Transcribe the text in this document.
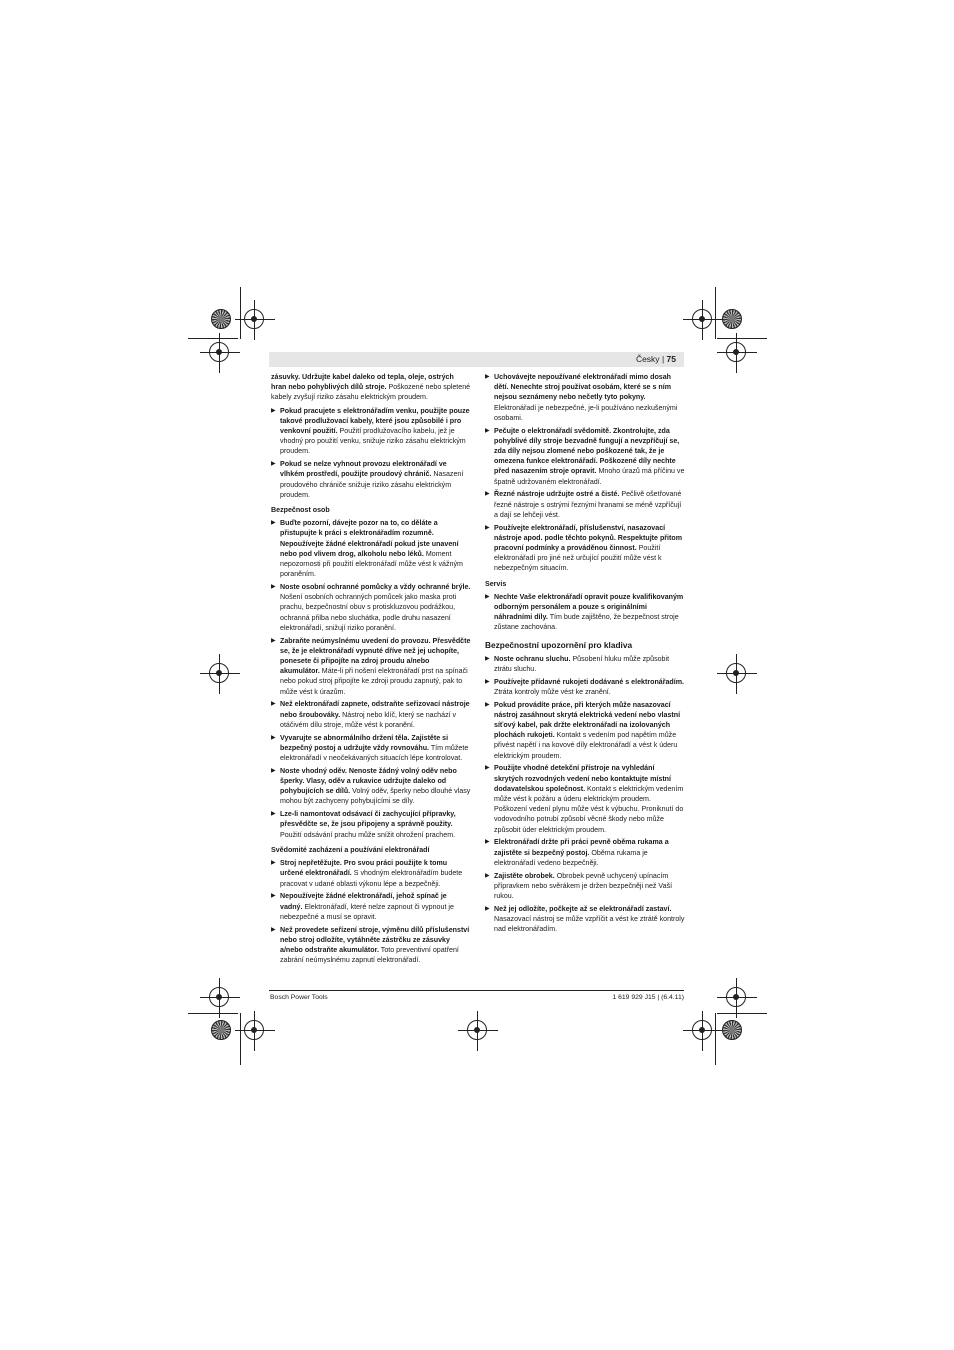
Česky | 75
zásuvky. Udržujte kabel daleko od tepla, oleje, ostrých hran nebo pohyblivých dílů stroje. Poškozené nebo spletené kabely zvyšují riziko zásahu elektrickým proudem.
▶ Pokud pracujete s elektronářadím venku, použijte pouze takové prodlužovací kabely, které jsou způsobilé i pro venkovní použití. Použití prodlužovacího kabelu, jež je vhodný pro použití venku, snižuje riziko zásahu elektrickým proudem.
▶ Pokud se nelze vyhnout provozu elektronářadí ve vlhkém prostředí, použijte proudový chránič. Nasazení proudového chrániče snižuje riziko zásahu elektrickým proudem.
Bezpečnost osob
▶ Buďte pozorní, dávejte pozor na to, co děláte a přistupujte k práci s elektronářadím rozumně. Nepoužívejte žádné elektronářadí pokud jste unavení nebo pod vlivem drog, alkoholu nebo léků. Moment nepozornosti při použití elektronářadí může vést k vážným poraněním.
▶ Noste osobní ochranné pomůcky a vždy ochranné brýle. Nošení osobních ochranných pomůcek jako maska proti prachu, bezpečnostní obuv s protiskluzovou podrážkou, ochranná přilba nebo sluchátka, podle druhu nasazení elektronářadí, snižují riziko poranění.
▶ Zabraňte neúmyslnému uvedení do provozu. Přesvědčte se, že je elektronářadí vypnuté dříve než jej uchopíte, ponesete či připojíte na zdroj proudu a/nebo akumulátor. Máte-li při nošení elektronářadí prst na spínači nebo pokud stroj připojíte ke zdroji proudu zapnutý, pak to může vést k úrazům.
▶ Než elektronářadí zapnete, odstraňte seřizovací nástroje nebo šroubováky. Nástroj nebo klíč, který se nachází v otáčivém dílu stroje, může vést k poranění.
▶ Vyvarujte se abnormálního držení těla. Zajistěte si bezpečný postoj a udržujte vždy rovnováhu. Tím můžete elektronářadí v neočekávaných situacích lépe kontrolovat.
▶ Noste vhodný oděv. Nenoste žádný volný oděv nebo šperky. Vlasy, oděv a rukavice udržujte daleko od pohybujících se dílů. Volný oděv, šperky nebo dlouhé vlasy mohou být zachyceny pohybujícími se díly.
▶ Lze-li namontovat odsávací či zachycující přípravky, přesvědčte se, že jsou připojeny a správně použity. Použití odsávání prachu může snížit ohrožení prachem.
Svědomité zacházení a používání elektronářadí
▶ Stroj nepřetěžujte. Pro svou práci použijte k tomu určené elektronářadí. S vhodným elektronářadím budete pracovat v udané oblasti výkonu lépe a bezpečněji.
▶ Nepoužívejte žádné elektronářadí, jehož spínač je vadný. Elektronářadí, které nelze zapnout či vypnout je nebezpečné a musí se opravit.
▶ Než provedete seřízení stroje, výměnu dílů příslušenství nebo stroj odložíte, vytáhněte zástrčku ze zásuvky a/nebo odstraňte akumulátor. Toto preventivní opatření zabrání neúmyslnému zapnutí elektronářadí.
▶ Uchovávejte nepoužívané elektronářadí mimo dosah dětí. Nenechte stroj používat osobám, které se s ním nejsou seznámeny nebo nečetly tyto pokyny. Elektronářadí je nebezpečné, je-li používáno nezkušenými osobami.
▶ Pečujte o elektronářadí svědomitě. Zkontrolujte, zda pohyblivé díly stroje bezvadně fungují a nevzpříčují se, zda díly nejsou zlomené nebo poškozené tak, že je omezena funkce elektronářadí. Poškozené díly nechte před nasazením stroje opravit. Mnoho úrazů má příčinu ve špatně udržovaném elektronářadí.
▶ Řezné nástroje udržujte ostré a čisté. Pečlivě ošetřované řezné nástroje s ostrými řeznými hranami se méně vzpříčují a dají se lehčeji vést.
▶ Používejte elektronářadí, příslušenství, nasazovací nástroje apod. podle těchto pokynů. Respektujte přitom pracovní podmínky a prováděnou činnost. Použití elektronářadí pro jiné než určující použití může vést k nebezpečným situacím.
Servis
▶ Nechte Vaše elektronářadí opravit pouze kvalifikovaným odborným personálem a pouze s originálními náhradními díly. Tím bude zajištěno, že bezpečnost stroje zůstane zachována.
Bezpečnostní upozornění pro kladiva
▶ Noste ochranu sluchu. Působení hluku může způsobit ztrátu sluchu.
▶ Používejte přídavné rukojeti dodávané s elektronářadím. Ztráta kontroly může vést ke zranění.
▶ Pokud provádíte práce, při kterých může nasazovací nástroj zasáhnout skrytá elektrická vedení nebo vlastní síťový kabel, pak držte elektronářadí na izolovaných plochách rukojeti. Kontakt s vedením pod napětím může přivést napětí i na kovové díly elektronářadí a vést k úderu elektrickým proudem.
▶ Použijte vhodné detekční přístroje na vyhledání skrytých rozvodných vedení nebo kontaktujte místní dodavatelskou společnost. Kontakt s elektrickým vedením může vést k požáru a úderu elektrickým proudem. Poškození vedení plynu může vést k výbuchu. Proniknutí do vodovodního potrubí způsobí věcné škody nebo může způsobit úder elektrickým proudem.
▶ Elektronářadí držte při práci pevně oběma rukama a zajistěte si bezpečný postoj. Oběma rukama je elektronářadí vedeno bezpečněji.
▶ Zajistěte obrobek. Obrobek pevně uchycený upínacím přípravkem nebo svěrákem je držen bezpečněji než Vaší rukou.
▶ Než jej odložíte, počkejte až se elektronářadí zastaví. Nasazovací nástroj se může vzpříčit a vést ke ztrátě kontroly nad elektronářadím.
Bosch Power Tools	1 619 929 J15 | (6.4.11)
